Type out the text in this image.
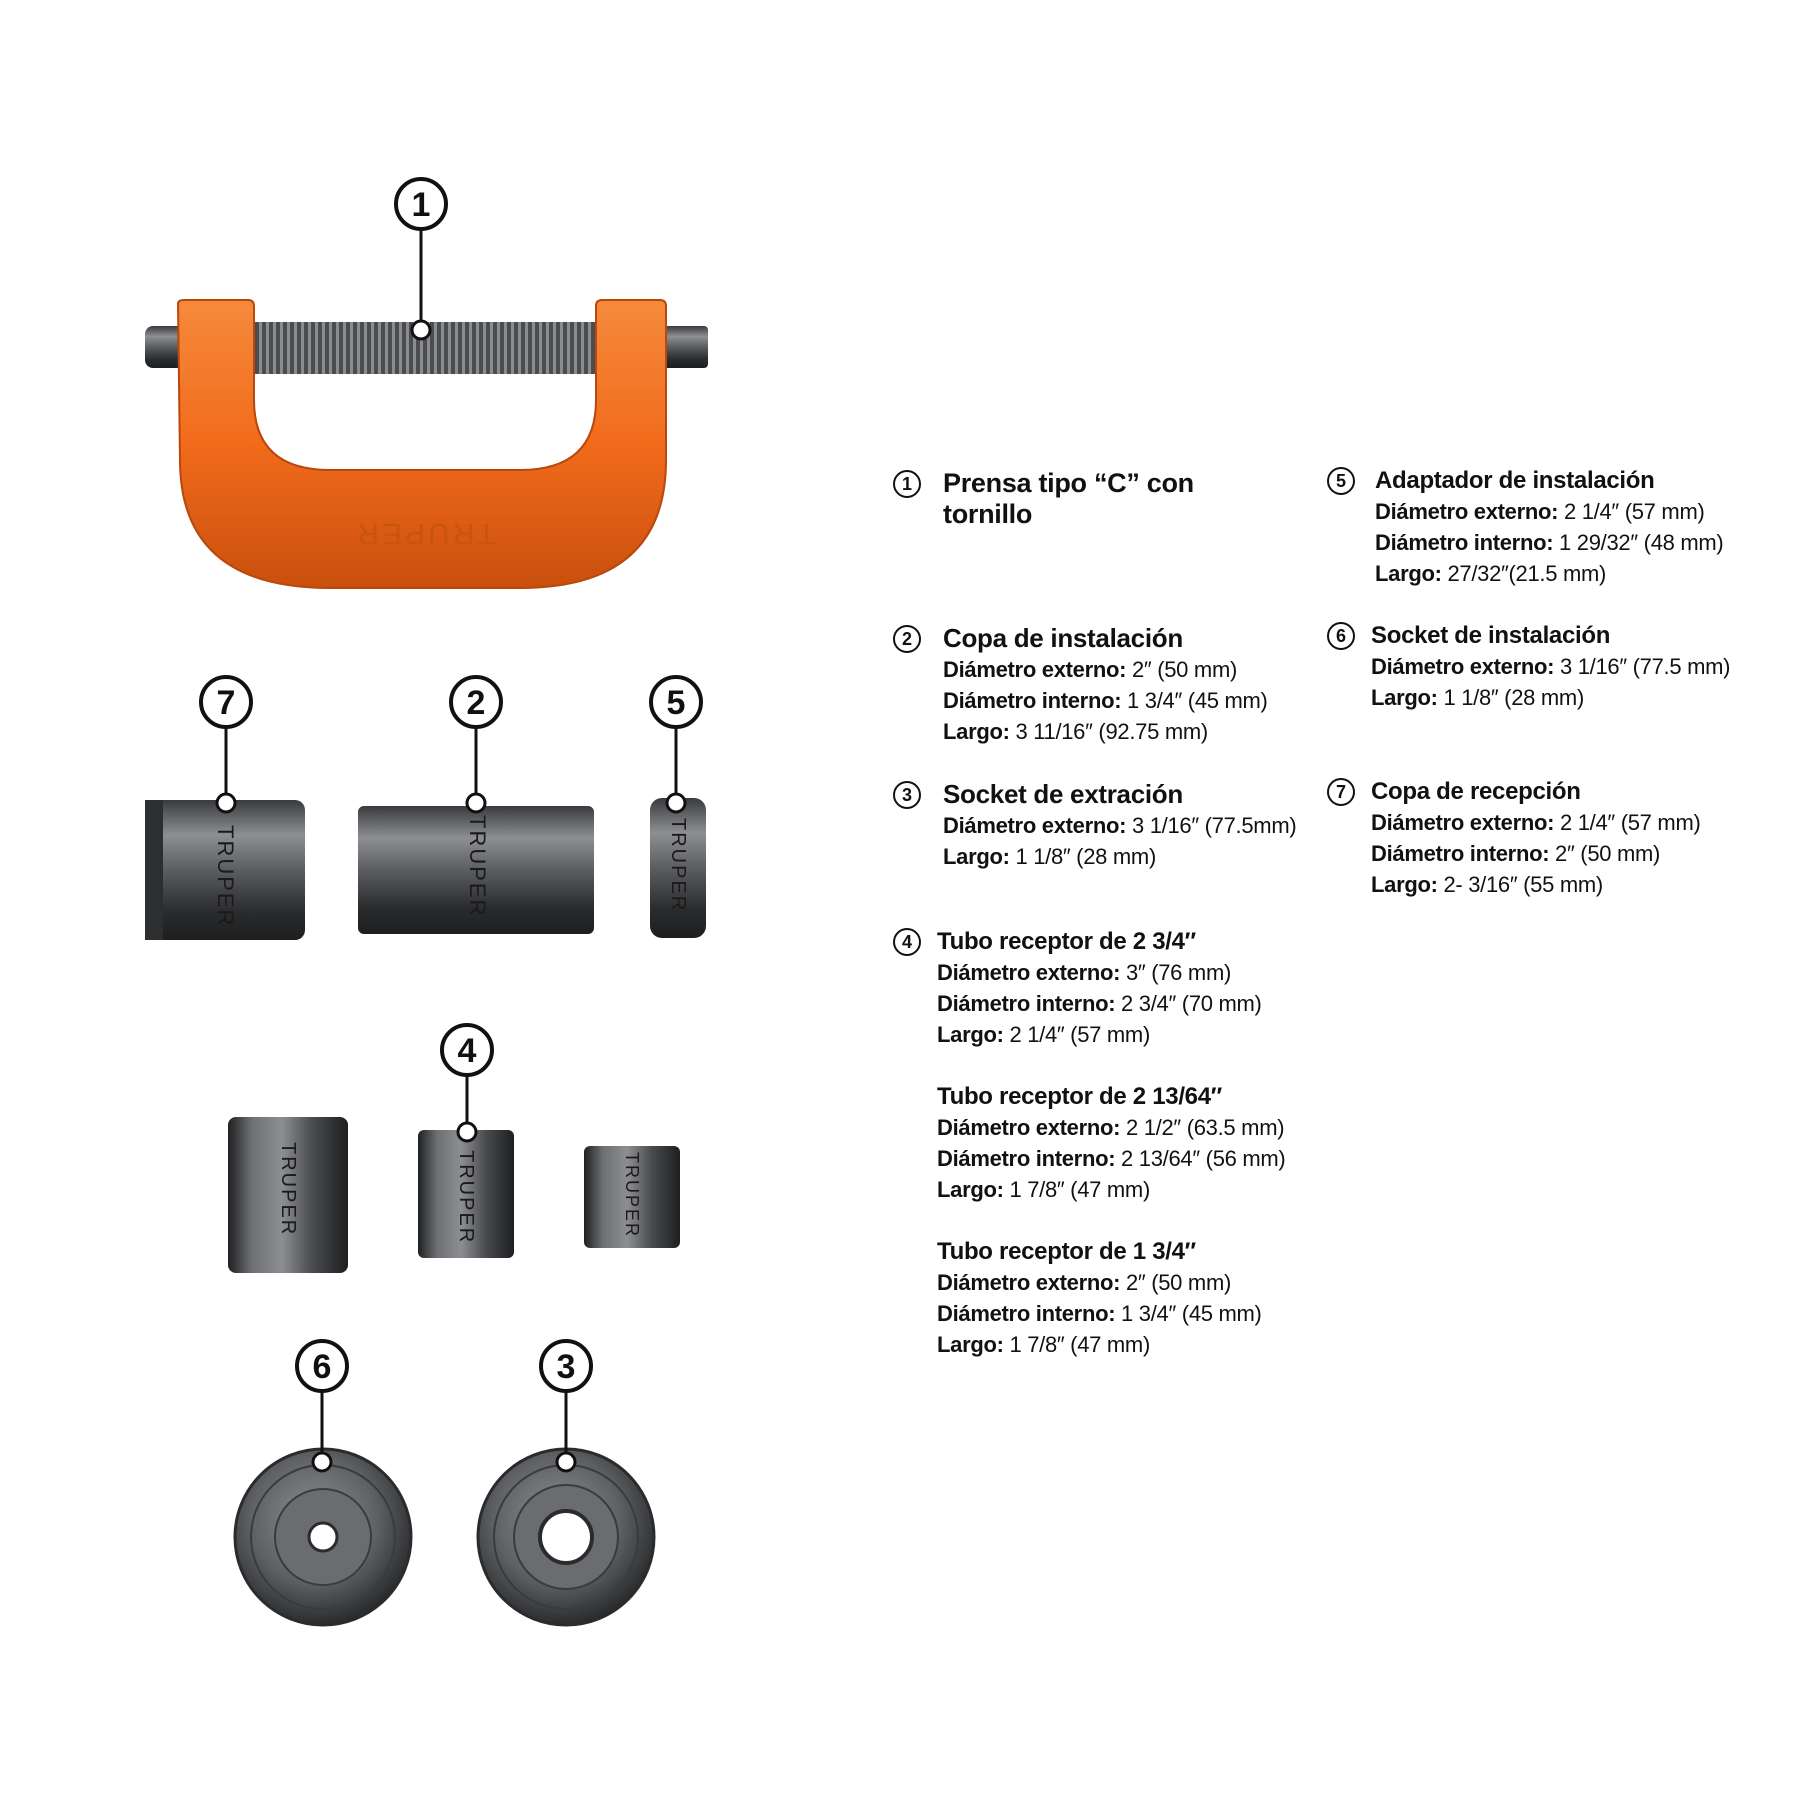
TRUPER
TRUPER	TRUPER	TRUPER
TRUPER	TRUPER	TRUPER
1
7	2	5
4
6	3
1	Prensa tipo “C” con tornillo
2	Copa de instalación
Diámetro externo: 2″ (50 mm)
Diámetro interno: 1 3/4″ (45 mm)
Largo: 3 11/16″ (92.75 mm)
3	Socket de extración
Diámetro externo: 3 1/16″ (77.5mm)
Largo: 1 1/8″ (28 mm)
4	Tubo receptor de 2 3/4″
Diámetro externo: 3″ (76 mm)
Diámetro interno: 2 3/4″ (70 mm)
Largo: 2 1/4″ (57 mm)
Tubo receptor de 2 13/64″
Diámetro externo: 2 1/2″ (63.5 mm)
Diámetro interno: 2 13/64″ (56 mm)
Largo: 1 7/8″ (47 mm)
Tubo receptor de 1 3/4″
Diámetro externo: 2″ (50 mm)
Diámetro interno: 1 3/4″ (45 mm)
Largo: 1 7/8″ (47 mm)
5	Adaptador de instalación
Diámetro externo: 2 1/4″ (57 mm)
Diámetro interno: 1 29/32″ (48 mm)
Largo: 27/32″(21.5 mm)
6	Socket de instalación
Diámetro externo: 3 1/16″ (77.5 mm)
Largo: 1 1/8″ (28 mm)
7	Copa de recepción
Diámetro externo: 2 1/4″ (57 mm)
Diámetro interno: 2″ (50 mm)
Largo: 2- 3/16″ (55 mm)
